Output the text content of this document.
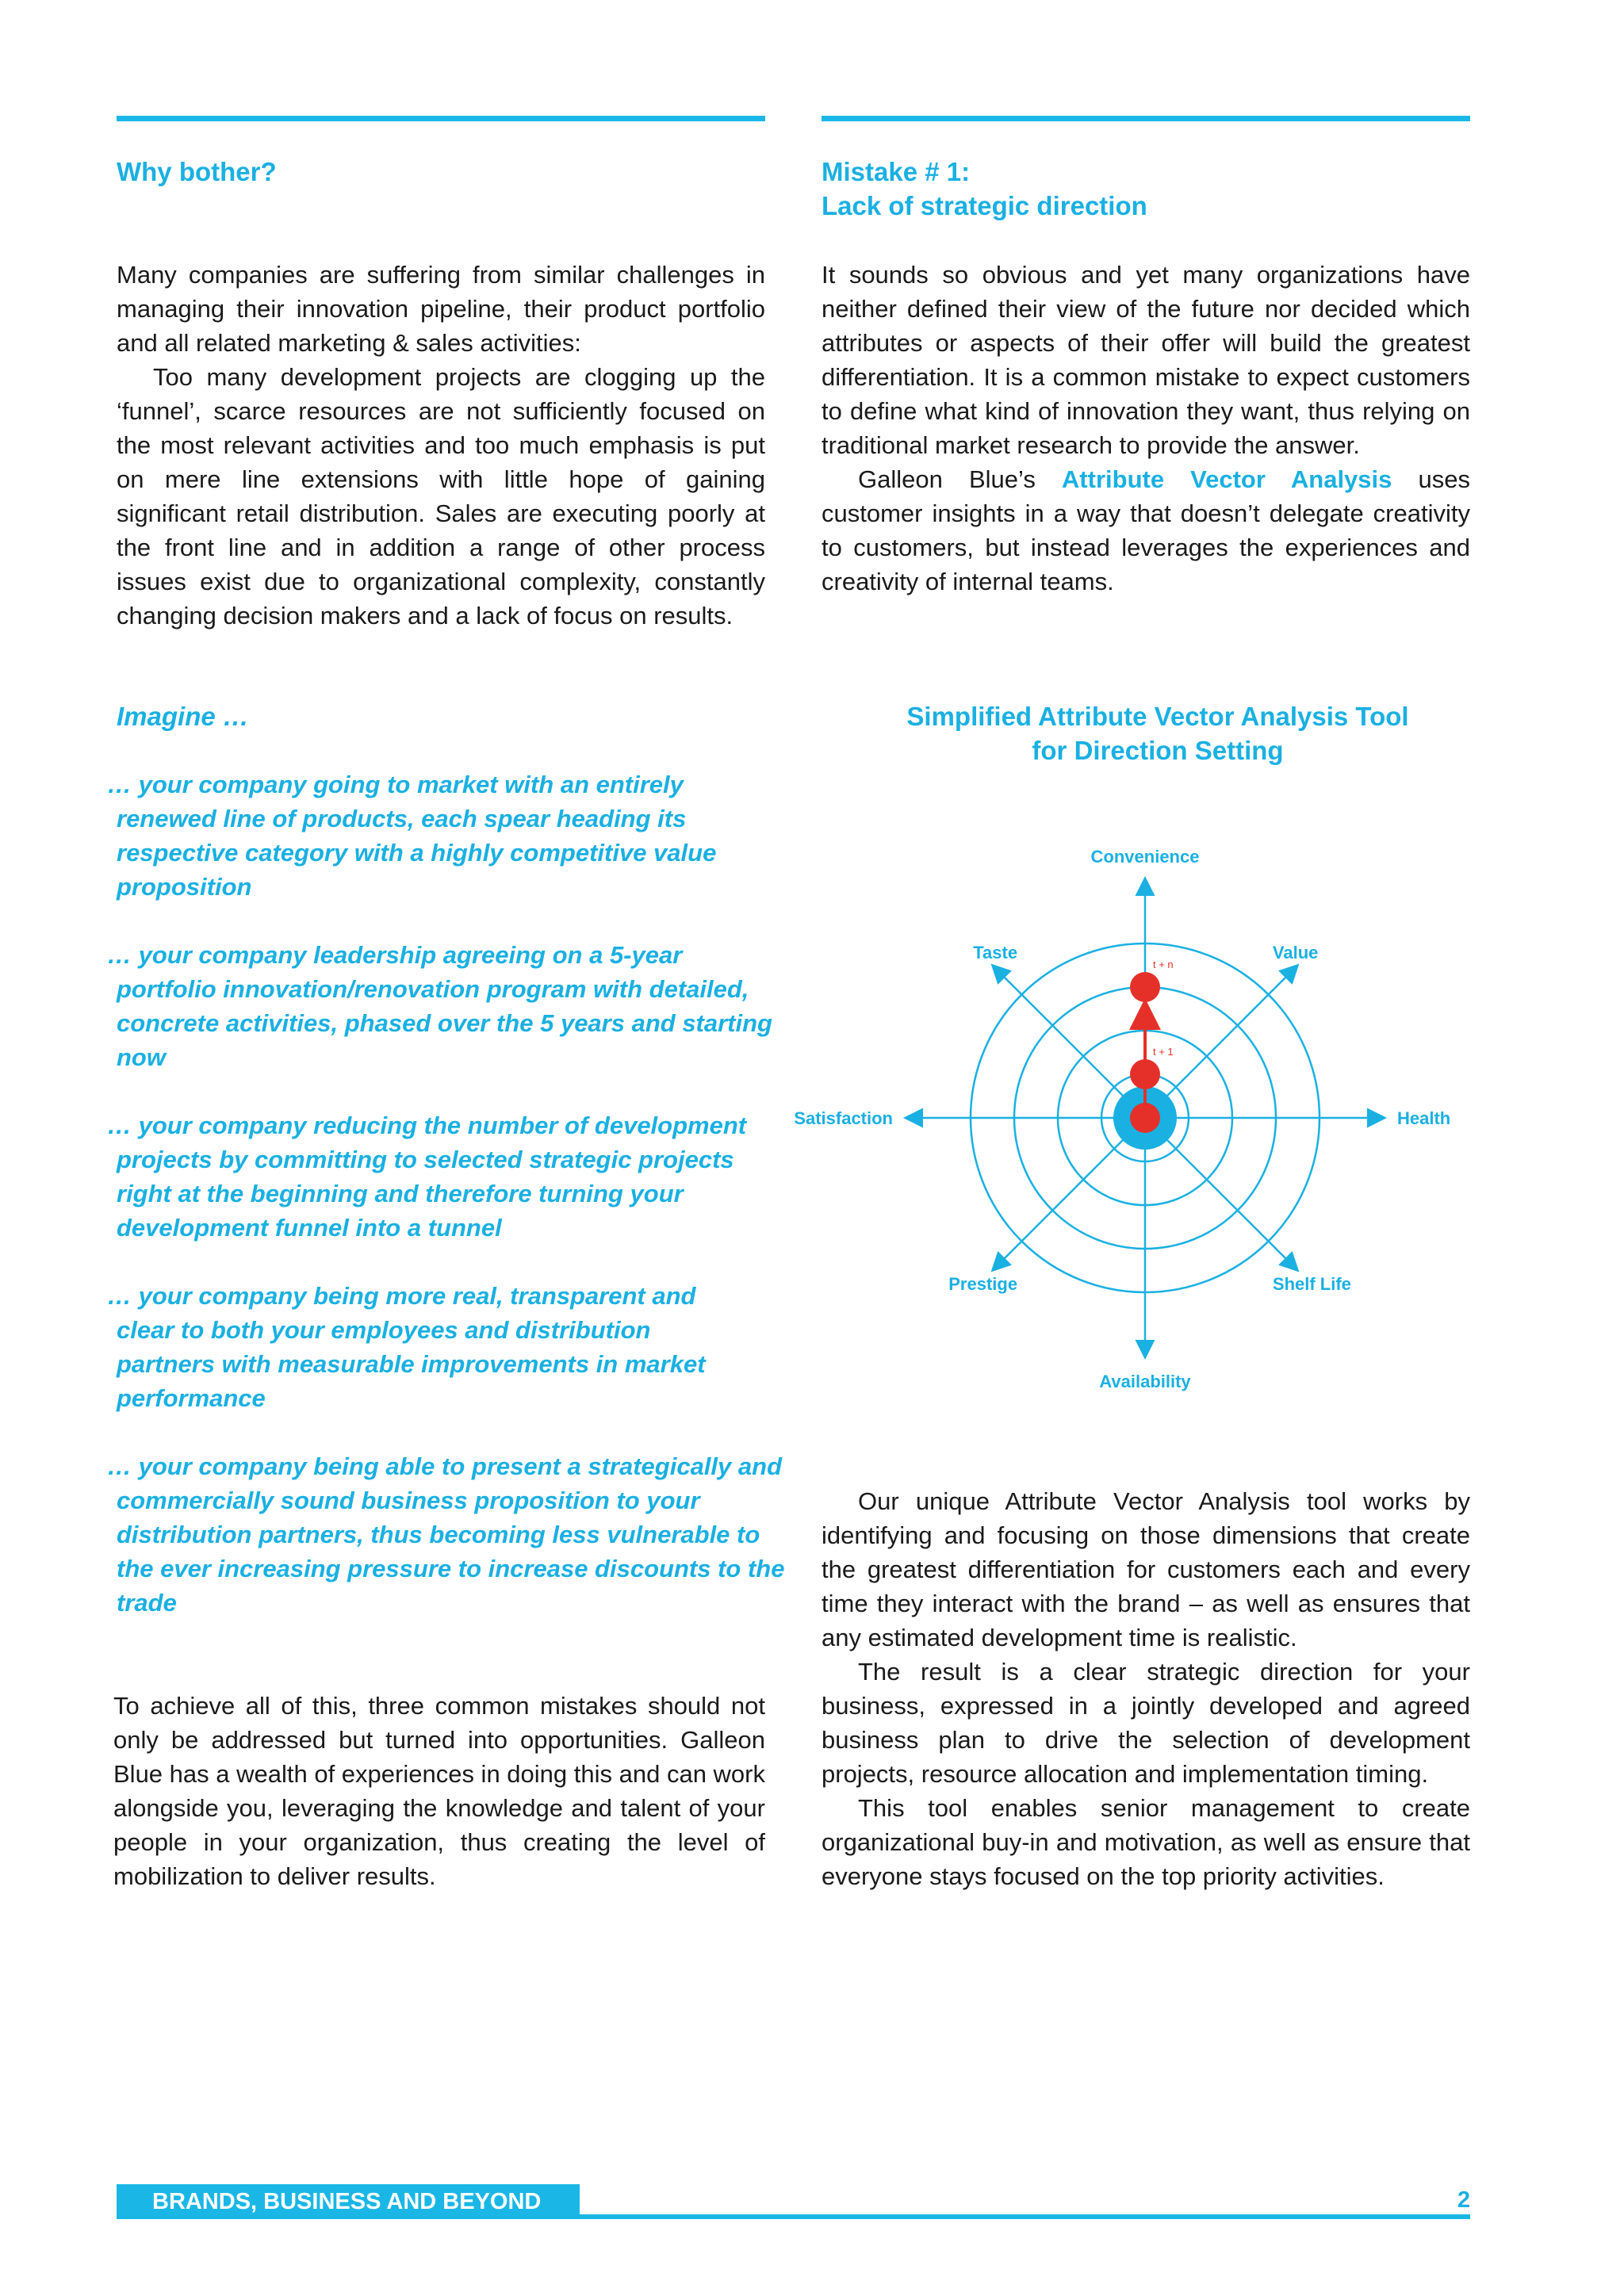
Why bother?

Many companies are suffering from similar challenges in managing their innovation pipeline, their product portfolio and all related marketing & sales activities:

Too many development projects are clogging up the ‘funnel’, scarce resources are not sufficiently focused on the most relevant activities and too much emphasis is put on mere line extensions with little hope of gaining significant retail distribution. Sales are executing poorly at the front line and in addition a range of other process issues exist due to organizational complexity, constantly changing decision makers and a lack of focus on results.

Imagine …

… your company going to market with an entirely renewed line of products, each spear heading its respective category with a highly competitive value proposition

… your company leadership agreeing on a 5-year portfolio innovation/renovation program with detailed, concrete activities, phased over the 5 years and starting now

… your company reducing the number of development projects by committing to selected strategic projects right at the beginning and therefore turning your development funnel into a tunnel

… your company being more real, transparent and clear to both your employees and distribution partners with measurable improvements in market performance

… your company being able to present a strategically and commercially sound business proposition to your distribution partners, thus becoming less vulnerable to the ever increasing pressure to increase discounts to the trade

To achieve all of this, three common mistakes should not only be addressed but turned into opportunities. Galleon Blue has a wealth of experiences in doing this and can work alongside you, leveraging the knowledge and talent of your people in your organization, thus creating the level of mobilization to deliver results.

Mistake # 1:
Lack of strategic direction

It sounds so obvious and yet many organizations have neither defined their view of the future nor decided which attributes or aspects of their offer will build the greatest differentiation. It is a common mistake to expect customers to define what kind of innovation they want, thus relying on traditional market research to provide the answer.

Galleon Blue’s Attribute Vector Analysis uses customer insights in a way that doesn’t delegate creativity to customers, but instead leverages the experiences and creativity of internal teams.

Simplified Attribute Vector Analysis Tool
for Direction Setting
Convenience
Value
Health
Shelf Life
Availability
Prestige
Satisfaction
Taste
t + 1
t + n

Our unique Attribute Vector Analysis tool works by identifying and focusing on those dimensions that create the greatest differentiation for customers each and every time they interact with the brand – as well as ensures that any estimated development time is realistic.

The result is a clear strategic direction for your business, expressed in a jointly developed and agreed business plan to drive the selection of development projects, resource allocation and implementation timing.

This tool enables senior management to create organizational buy-in and motivation, as well as ensure that everyone stays focused on the top priority activities.

BRANDS, BUSINESS AND BEYOND	2
